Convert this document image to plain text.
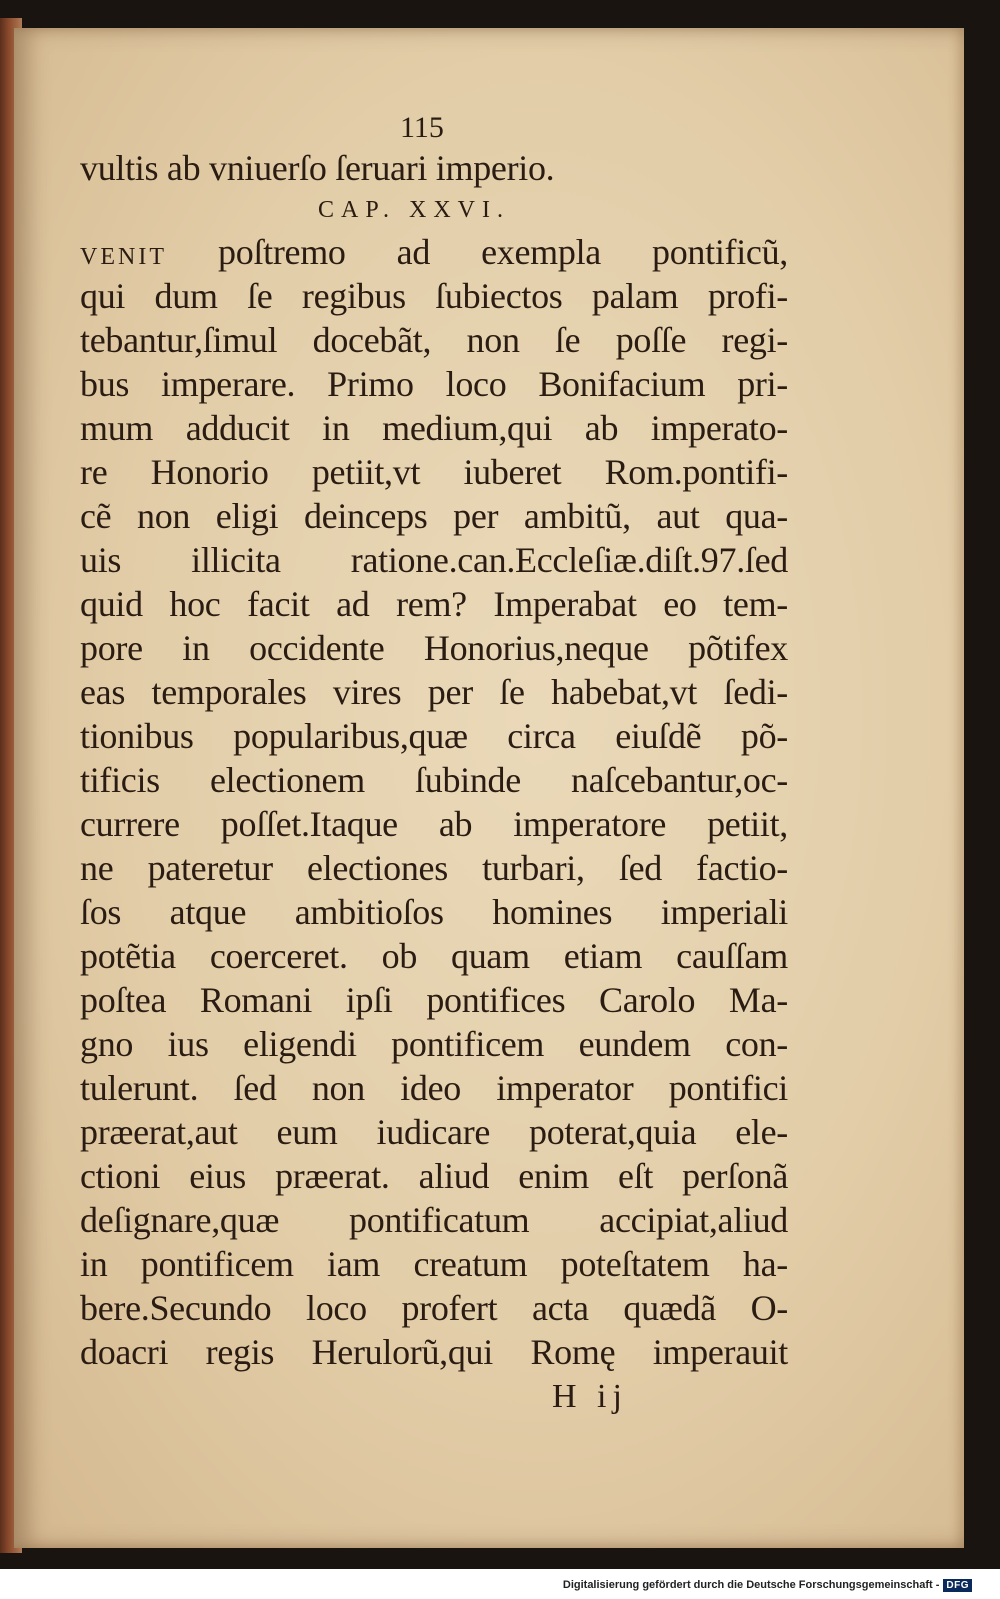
115
vultis ab vniuerſo ſeruari imperio.
CAP. XXVI.
VENIT poſtremo ad exempla pontificũ,
qui dum ſe regibus ſubiectos palam profi-
tebantur,ſimul docebãt, non ſe poſſe regi-
bus imperare. Primo loco Bonifacium pri-
mum adducit in medium,qui ab imperato-
re Honorio petiit,vt iuberet Rom.pontifi-
cẽ non eligi deinceps per ambitũ, aut qua-
uis illicita ratione.can.Eccleſiæ.diſt.97.ſed
quid hoc facit ad rem? Imperabat eo tem-
pore in occidente Honorius,neque põtifex
eas temporales vires per ſe habebat,vt ſedi-
tionibus popularibus,quæ circa eiuſdẽ põ-
tificis electionem ſubinde naſcebantur,oc-
currere poſſet.Itaque ab imperatore petiit,
ne pateretur electiones turbari, ſed factio-
ſos atque ambitioſos homines imperiali
potẽtia coerceret. ob quam etiam cauſſam
poſtea Romani ipſi pontifices Carolo Ma-
gno ius eligendi pontificem eundem con-
tulerunt. ſed non ideo imperator pontifici
præerat,aut eum iudicare poterat,quia ele-
ctioni eius præerat. aliud enim eſt perſonã
deſignare,quæ pontificatum accipiat,aliud
in pontificem iam creatum poteſtatem ha-
bere.Secundo loco profert acta quædã O-
doacri regis Herulorũ,qui Romę imperauit
H ij
Digitalisierung gefördert durch die Deutsche Forschungsgemeinschaft - DFG
